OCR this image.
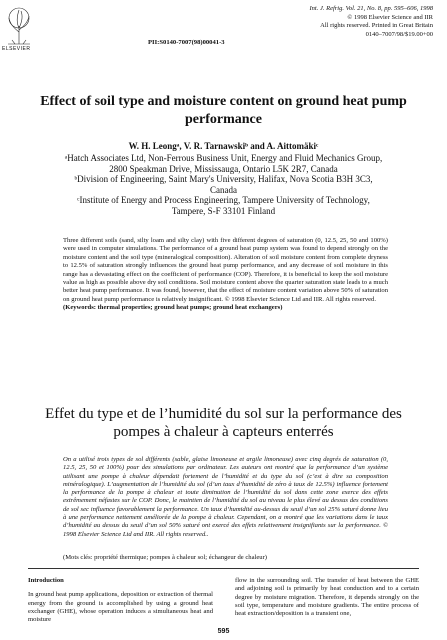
ELSEVIER
Int. J. Refrig. Vol. 21, No. 8, pp. 595–606, 1998
© 1998 Elsevier Science and IIR
All rights reserved. Printed in Great Britain
0140–7007/98/$19.00+00
PII:S0140-7007(98)00041-3
Effect of soil type and moisture content on ground heat pump performance
W. H. Leongᵃ, V. R. Tarnawskiᵇ and A. Aittomäkiᶜ
ᵃHatch Associates Ltd, Non-Ferrous Business Unit, Energy and Fluid Mechanics Group, 2800 Speakman Drive, Mississauga, Ontario L5K 2R7, Canada
ᵇDivision of Engineering, Saint Mary's University, Halifax, Nova Scotia B3H 3C3, Canada
ᶜInstitute of Energy and Process Engineering, Tampere University of Technology, Tampere, S-F 33101 Finland

Three different soils (sand, silty loam and silty clay) with five different degrees of saturation (0, 12.5, 25, 50 and 100%) were used in computer simulations. The performance of a ground heat pump system was found to depend strongly on the moisture content and the soil type (mineralogical composition). Alteration of soil moisture content from complete dryness to 12.5% of saturation strongly influences the ground heat pump performance, and any decrease of soil moisture in this range has a devastating effect on the coefficient of performance (COP). Therefore, it is beneficial to keep the soil moisture value as high as possible above dry soil conditions. Soil moisture content above the quarter saturation state leads to a much better heat pump performance. It was found, however, that the effect of moisture content variation above 50% of saturation on ground heat pump performance is relatively insignificant. © 1998 Elsevier Science Ltd and IIR. All rights reserved.

(Keywords: thermal properties; ground heat pumps; ground heat exchangers)

Effet du type et de l’humidité du sol sur la performance des pompes à chaleur à capteurs enterrés
On a utilisé trois types de sol différents (sable, glaise limoneuse et argile limoneuse) avec cinq degrés de saturation (0, 12.5, 25, 50 et 100%) pour des simulations par ordinateur. Les auteurs ont montré que la performance d’un système utilisant une pompe à chaleur dépendait fortement de l’humidité et du type du sol (c’est à dire sa composition minéralogique). L’augmentation de l’humidité du sol (d’un taux d’humidité de zéro à taux de 12.5%) influence fortement la performance de la pompe à chaleur et toute diminution de l’humidité du sol dans cette zone exerce des effets extrêmement néfastes sur le COP. Donc, le maintien de l’humidité du sol au niveau le plus élevé au dessus des conditions de sol sec influence favorablement la performance. Un taux d’humidité au-dessus du seuil d’un sol 25% saturé donne lieu à une performance nettement améliorée de la pompe à chaleur. Cependant, on a montré que les variations dans le taux d’humidité au dessus du seuil d’un sol 50% saturé ont exercé des effets relativement insignifiants sur la performance. © 1998 Elsevier Science Ltd and IIR. All rights reserved..
(Mots clés: propriété thermique; pompes à chaleur sol; échangeur de chaleur)
Introduction

In ground heat pump applications, deposition or extraction of thermal energy from the ground is accomplished by using a ground heat exchanger (GHE), whose operation induces a simultaneous heat and moisture

flow in the surrounding soil. The transfer of heat between the GHE and adjoining soil is primarily by heat conduction and to a certain degree by moisture migration. Therefore, it depends strongly on the soil type, temperature and moisture gradients. The entire process of heat extraction/deposition is a transient one,

595
